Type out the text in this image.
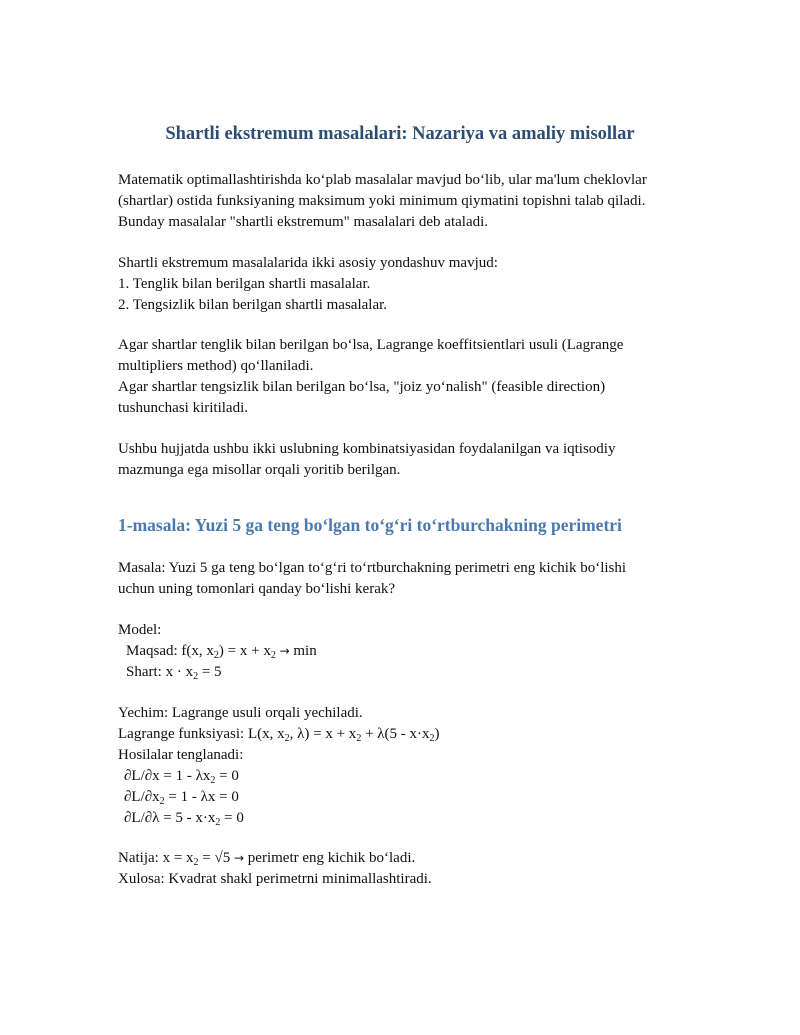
Shartli ekstremum masalalari: Nazariya va amaliy misollar

Matematik optimallashtirishda ko‘plab masalalar mavjud bo‘lib, ular ma'lum cheklovlar
(shartlar) ostida funksiyaning maksimum yoki minimum qiymatini topishni talab qiladi.
Bunday masalalar "shartli ekstremum" masalalari deb ataladi.

Shartli ekstremum masalalarida ikki asosiy yondashuv mavjud:
1. Tenglik bilan berilgan shartli masalalar.
2. Tengsizlik bilan berilgan shartli masalalar.

Agar shartlar tenglik bilan berilgan bo‘lsa, Lagrange koeffitsientlari usuli (Lagrange
multipliers method) qo‘llaniladi.
Agar shartlar tengsizlik bilan berilgan bo‘lsa, "joiz yo‘nalish" (feasible direction)
tushunchasi kiritiladi.

Ushbu hujjatda ushbu ikki uslubning kombinatsiyasidan foydalanilgan va iqtisodiy
mazmunga ega misollar orqali yoritib berilgan.

1-masala: Yuzi 5 ga teng bo‘lgan to‘g‘ri to‘rtburchakning perimetri

Masala: Yuzi 5 ga teng bo‘lgan to‘g‘ri to‘rtburchakning perimetri eng kichik bo‘lishi
uchun uning tomonlari qanday bo‘lishi kerak?

Model:
Maqsad: f(x, $x_2) = x + x_2 \to \min$
Shart: $x \cdot x_2 = 5$

Yechim: Lagrange usuli orqali yechiladi.
Lagrange funksiyasi: L(x, $x_2$, $\lambda) = x + x_2 + \lambda(5 - x\cdot x_2)$
Hosilalar tenglanadi:
$\partial L/\partial x = 1 - \lambda x_2 = 0$
$\partial L/\partial x_2 = 1 - \lambda x = 0$
$\partial L/\partial\lambda = 5 - x\cdot x_2 = 0$

Natija: $x = x_2 = √5$ → perimetr eng kichik bo‘ladi.
Xulosa: Kvadrat shakl perimetrni minimallashtiradi.
